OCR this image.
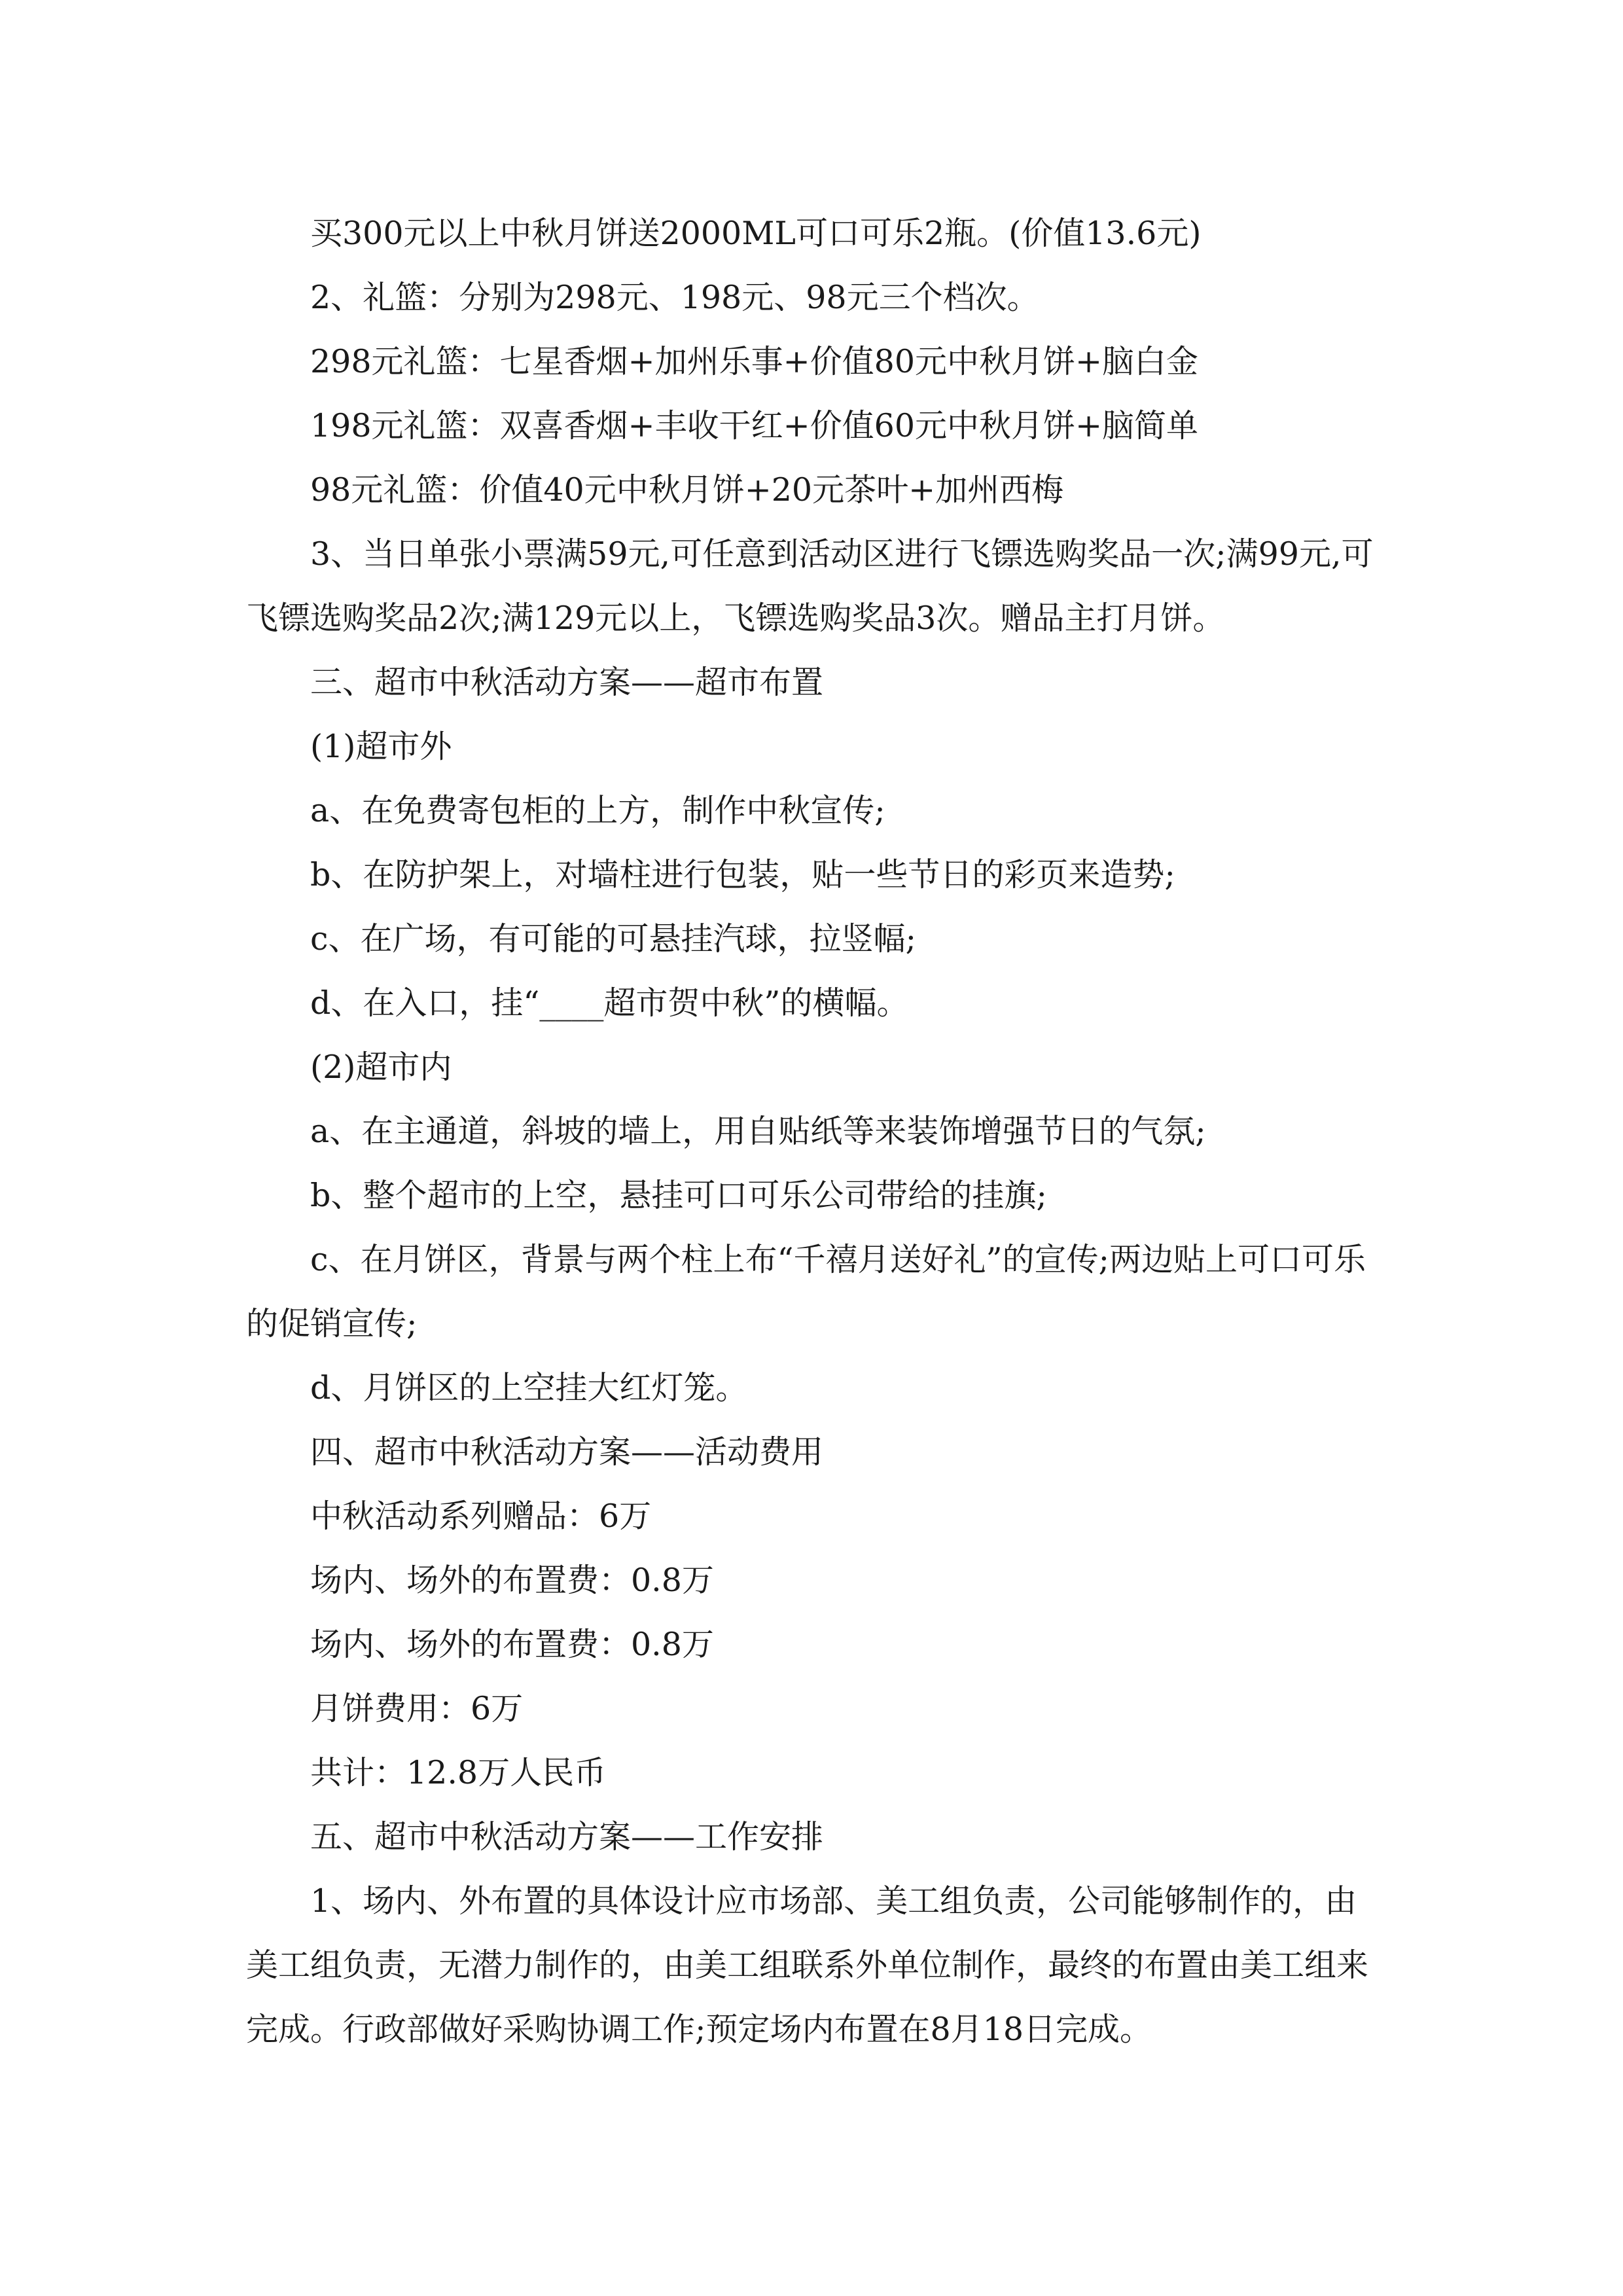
买300元以上中秋月饼送2000ML可口可乐2瓶。(价值13.6元)

2、礼篮：分别为298元、198元、98元三个档次。

298元礼篮：七星香烟+加州乐事+价值80元中秋月饼+脑白金

198元礼篮：双喜香烟+丰收干红+价值60元中秋月饼+脑简单

98元礼篮：价值40元中秋月饼+20元茶叶+加州西梅

3、当日单张小票满59元,可任意到活动区进行飞镖选购奖品一次;满99元,可飞镖选购奖品2次;满129元以上，飞镖选购奖品3次。赠品主打月饼。

三、超市中秋活动方案——超市布置

(1)超市外

a、在免费寄包柜的上方，制作中秋宣传;

b、在防护架上，对墙柱进行包装，贴一些节日的彩页来造势;

c、在广场，有可能的可悬挂汽球，拉竖幅;

d、在入口，挂“____超市贺中秋”的横幅。

(2)超市内

a、在主通道，斜坡的墙上，用自贴纸等来装饰增强节日的气氛;

b、整个超市的上空，悬挂可口可乐公司带给的挂旗;

c、在月饼区，背景与两个柱上布“千禧月送好礼”的宣传;两边贴上可口可乐的促销宣传;

d、月饼区的上空挂大红灯笼。

四、超市中秋活动方案——活动费用

中秋活动系列赠品：6万

场内、场外的布置费：0.8万

场内、场外的布置费：0.8万

月饼费用：6万

共计：12.8万人民币

五、超市中秋活动方案——工作安排

1、场内、外布置的具体设计应市场部、美工组负责，公司能够制作的，由美工组负责，无潜力制作的，由美工组联系外单位制作，最终的布置由美工组来完成。行政部做好采购协调工作;预定场内布置在8月18日完成。
